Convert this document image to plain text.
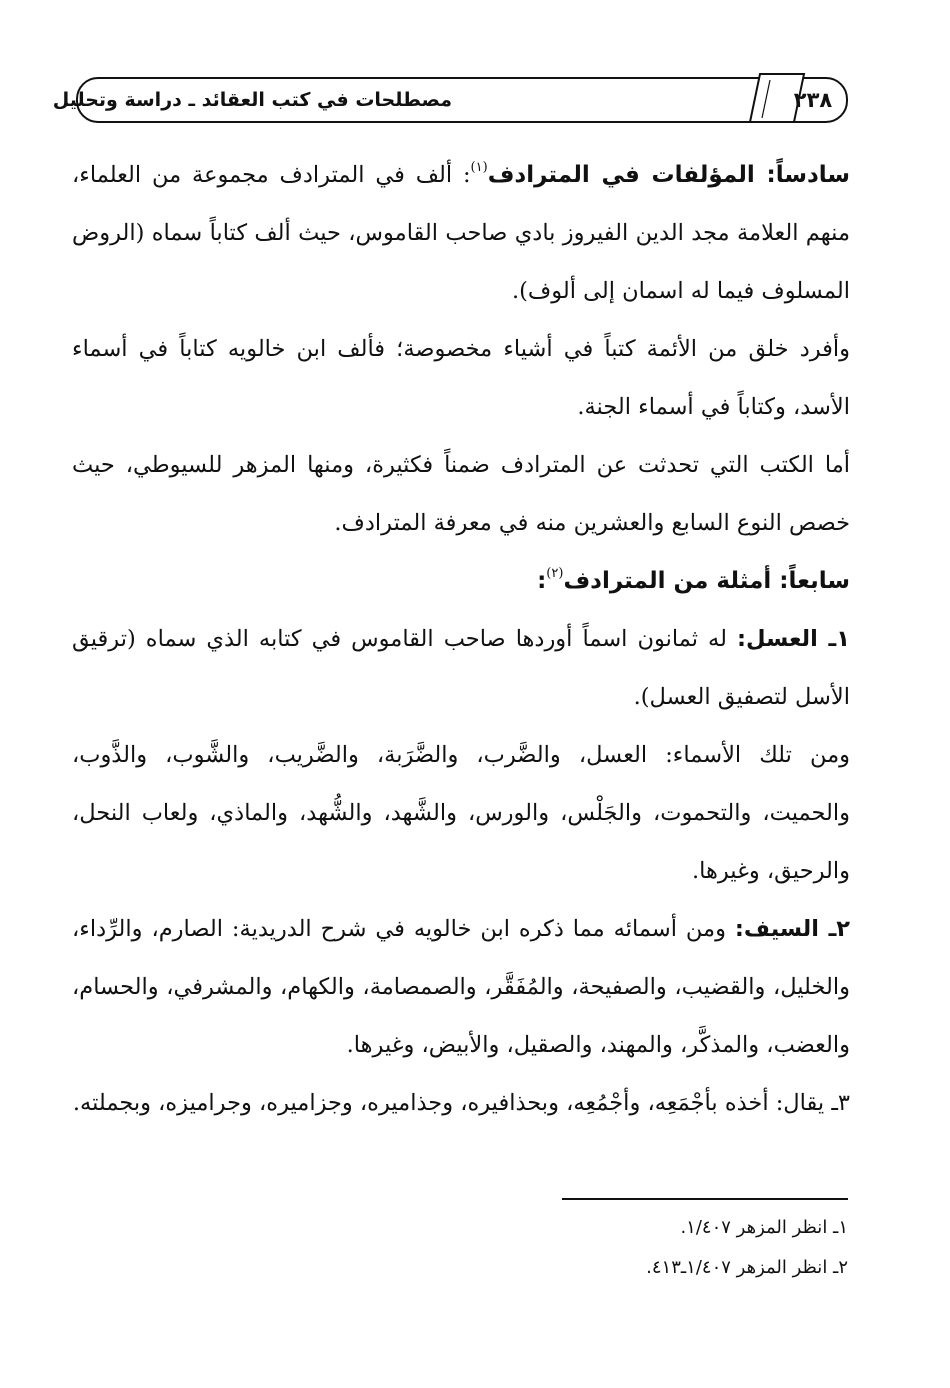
٢٣٨
مصطلحات في كتب العقائد ـ دراسة وتحليل

سادساً: المؤلفات في المترادف$^{(١)}$: ألف في المترادف مجموعة من العلماء، منهم العلامة مجد الدين الفيروز بادي صاحب القاموس، حيث ألف كتاباً سماه (الروض المسلوف فيما له اسمان إلى ألوف).

وأفرد خلق من الأئمة كتباً في أشياء مخصوصة؛ فألف ابن خالويه كتاباً في أسماء الأسد، وكتاباً في أسماء الجنة.

أما الكتب التي تحدثت عن المترادف ضمناً فكثيرة، ومنها المزهر للسيوطي، حيث خصص النوع السابع والعشرين منه في معرفة المترادف.

سابعاً: أمثلة من المترادف$^{(٢)}$:

١ـ العسل: له ثمانون اسماً أوردها صاحب القاموس في كتابه الذي سماه (ترقيق الأسل لتصفيق العسل).

ومن تلك الأسماء: العسل، والضَّرب، والضَّرَبة، والضَّريب، والشَّوب، والذَّوب، والحميت، والتحموت، والجَلْس، والورس، والشَّهد، والشُّهد، والماذي، ولعاب النحل، والرحيق، وغيرها.

٢ـ السيف: ومن أسمائه مما ذكره ابن خالويه في شرح الدريدية: الصارم، والرِّداء، والخليل، والقضيب، والصفيحة، والمُفَقَّر، والصمصامة، والكهام، والمشرفي، والحسام، والعضب، والمذكَّر، والمهند، والصقيل، والأبيض، وغيرها.

٣ـ يقال: أخذه بأجْمَعِه، وأجْمُعِه، وبحذافيره، وجذاميره، وجزاميره، وجراميزه، وبجملته.

١ـ انظر المزهر ١/٤٠٧.
٢ـ انظر المزهر ١/٤٠٧ـ٤١٣.
